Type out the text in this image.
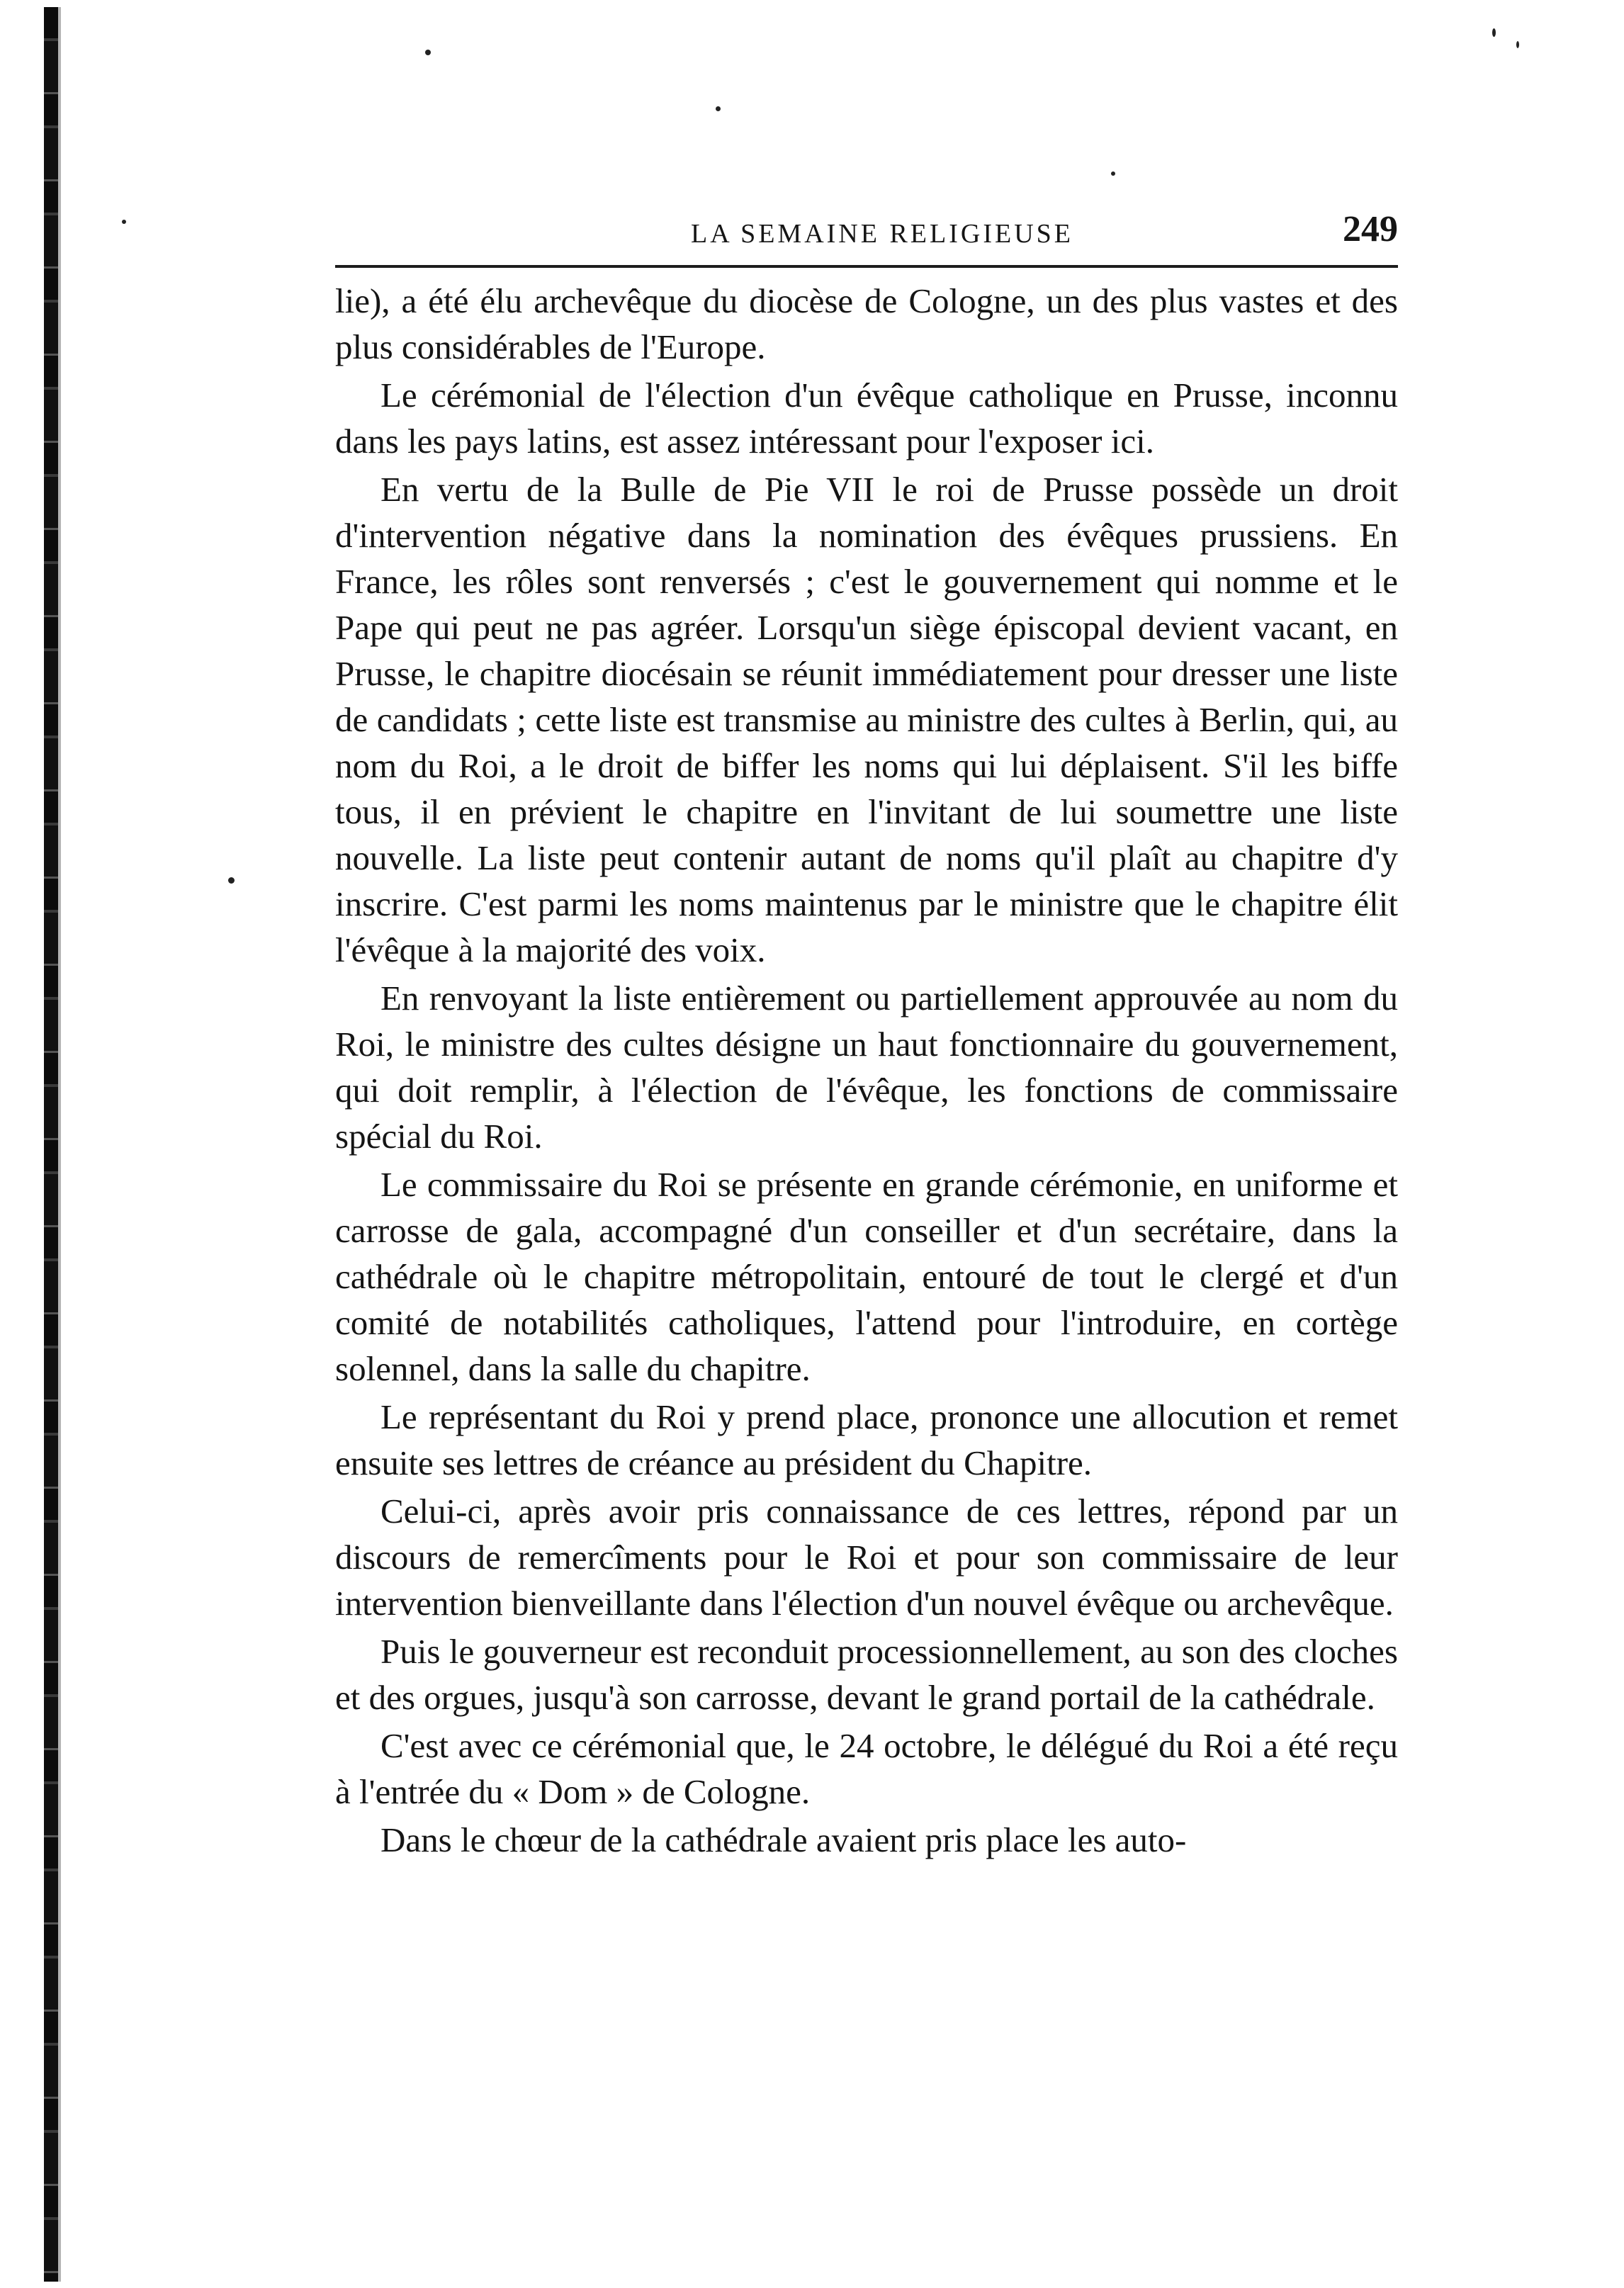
LA SEMAINE RELIGIEUSE	249

lie), a été élu archevêque du diocèse de Cologne, un des plus vastes et des plus considérables de l'Europe.

Le cérémonial de l'élection d'un évêque catholique en Prusse, inconnu dans les pays latins, est assez intéressant pour l'exposer ici.

En vertu de la Bulle de Pie VII le roi de Prusse possède un droit d'intervention négative dans la nomination des évêques prussiens. En France, les rôles sont renversés ; c'est le gouvernement qui nomme et le Pape qui peut ne pas agréer. Lorsqu'un siège épiscopal devient vacant, en Prusse, le chapitre diocésain se réunit immédiatement pour dresser une liste de candidats ; cette liste est transmise au ministre des cultes à Berlin, qui, au nom du Roi, a le droit de biffer les noms qui lui déplaisent. S'il les biffe tous, il en prévient le chapitre en l'invitant de lui soumettre une liste nouvelle. La liste peut contenir autant de noms qu'il plaît au chapitre d'y inscrire. C'est parmi les noms maintenus par le ministre que le chapitre élit l'évêque à la majorité des voix.

En renvoyant la liste entièrement ou partiellement approuvée au nom du Roi, le ministre des cultes désigne un haut fonctionnaire du gouvernement, qui doit remplir, à l'élection de l'évêque, les fonctions de commissaire spécial du Roi.

Le commissaire du Roi se présente en grande cérémonie, en uniforme et carrosse de gala, accompagné d'un conseiller et d'un secrétaire, dans la cathédrale où le chapitre métropolitain, entouré de tout le clergé et d'un comité de notabilités catholiques, l'attend pour l'introduire, en cortège solennel, dans la salle du chapitre.

Le représentant du Roi y prend place, prononce une allocution et remet ensuite ses lettres de créance au président du Chapitre.

Celui-ci, après avoir pris connaissance de ces lettres, répond par un discours de remercîments pour le Roi et pour son commissaire de leur intervention bienveillante dans l'élection d'un nouvel évêque ou archevêque.

Puis le gouverneur est reconduit processionnellement, au son des cloches et des orgues, jusqu'à son carrosse, devant le grand portail de la cathédrale.

C'est avec ce cérémonial que, le 24 octobre, le délégué du Roi a été reçu à l'entrée du « Dom » de Cologne.

Dans le chœur de la cathédrale avaient pris place les auto-
